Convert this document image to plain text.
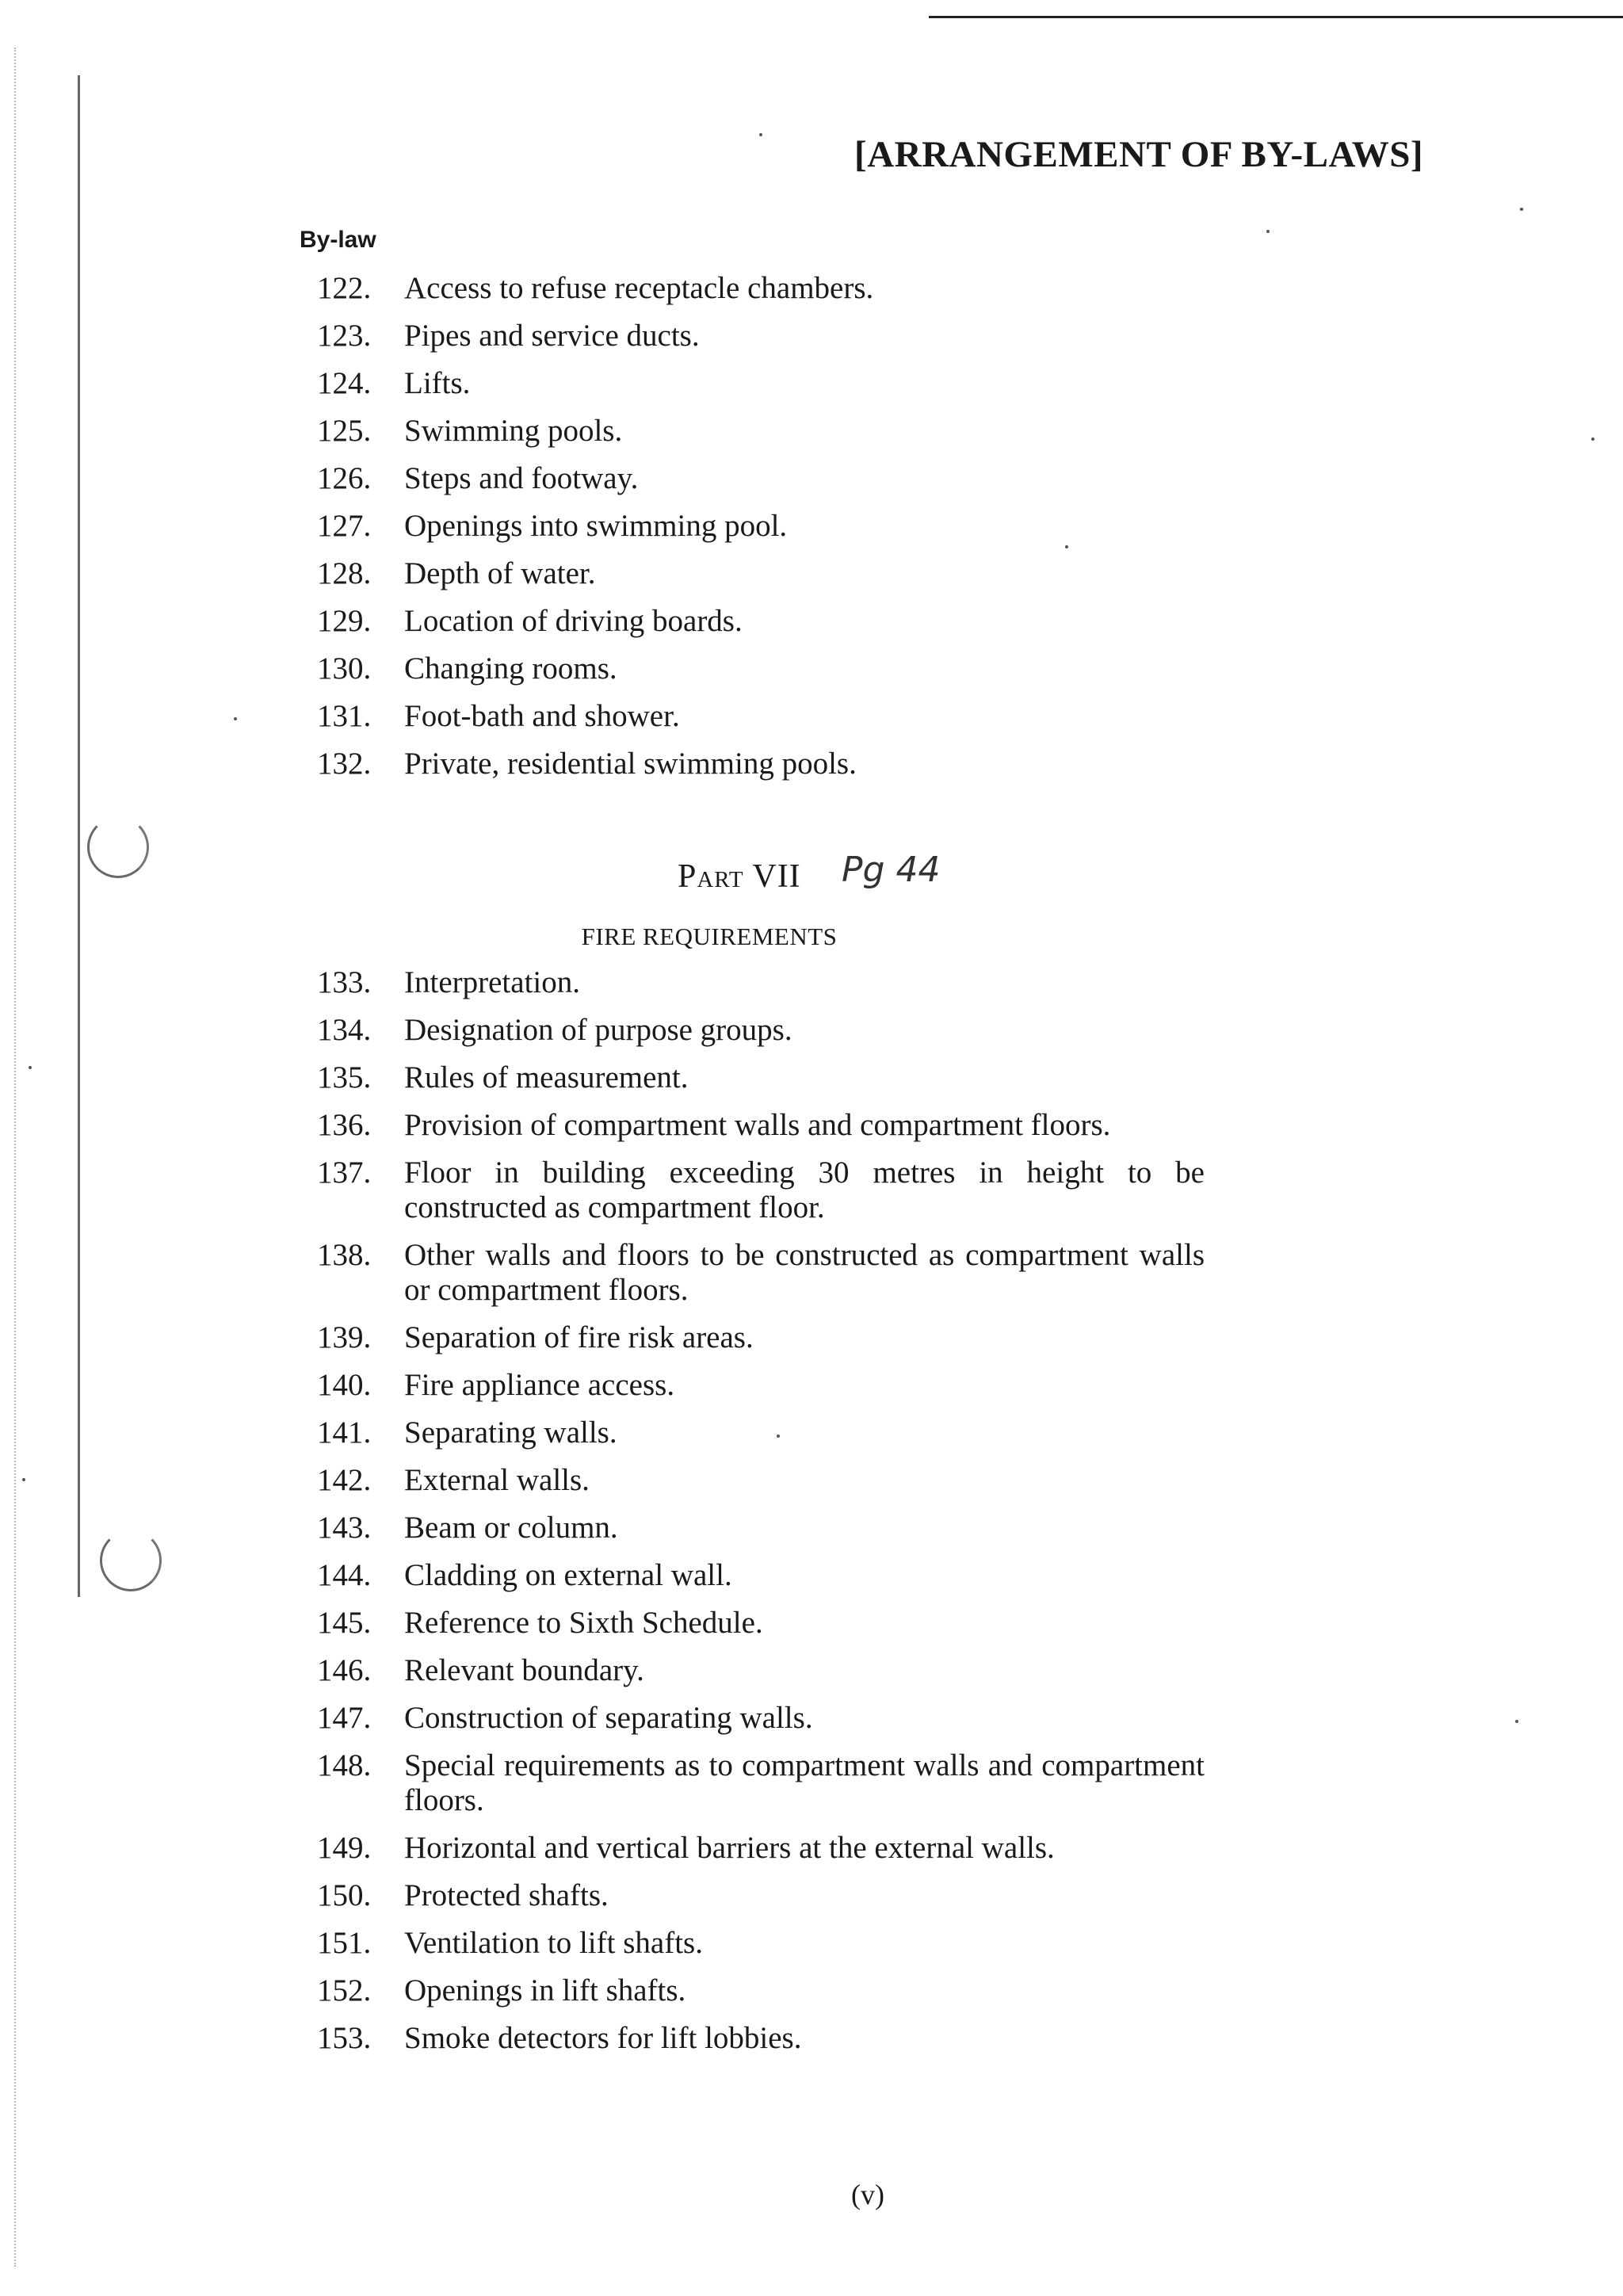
[ARRANGEMENT OF BY-LAWS]
By-law
122.	Access to refuse receptacle chambers.
123.	Pipes and service ducts.
124.	Lifts.
125.	Swimming pools.
126.	Steps and footway.
127.	Openings into swimming pool.
128.	Depth of water.
129.	Location of driving boards.
130.	Changing rooms.
131.	Foot-bath and shower.
132.	Private, residential swimming pools.
Part VII Pg 44
FIRE REQUIREMENTS
133.	Interpretation.
134.	Designation of purpose groups.
135.	Rules of measurement.
136.	Provision of compartment walls and compartment floors.
137.	Floor in building exceeding 30 metres in height to be constructed as compartment floor.
138.	Other walls and floors to be constructed as compartment walls or compartment floors.
139.	Separation of fire risk areas.
140.	Fire appliance access.
141.	Separating walls.
142.	External walls.
143.	Beam or column.
144.	Cladding on external wall.
145.	Reference to Sixth Schedule.
146.	Relevant boundary.
147.	Construction of separating walls.
148.	Special requirements as to compartment walls and compartment floors.
149.	Horizontal and vertical barriers at the external walls.
150.	Protected shafts.
151.	Ventilation to lift shafts.
152.	Openings in lift shafts.
153.	Smoke detectors for lift lobbies.
(v)
